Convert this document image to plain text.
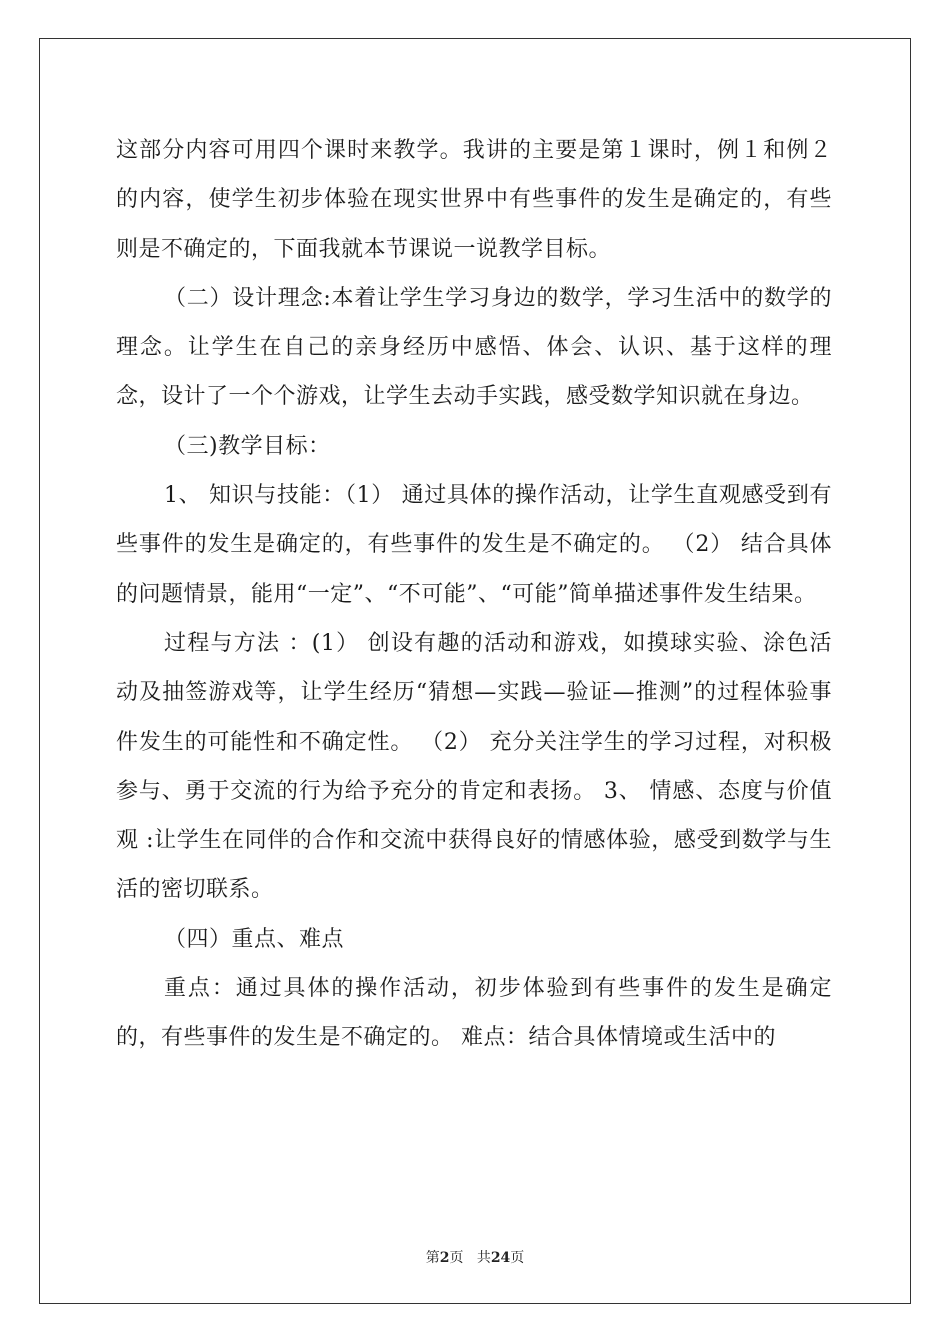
这部分内容可用四个课时来教学。我讲的主要是第１课时，例１和例２的内容，使学生初步体验在现实世界中有些事件的发生是确定的，有些则是不确定的，下面我就本节课说一说教学目标。

（二）设计理念:本着让学生学习身边的数学，学习生活中的数学的理念。让学生在自己的亲身经历中感悟、体会、认识、基于这样的理念，设计了一个个游戏，让学生去动手实践，感受数学知识就在身边。

（三)教学目标：

1、 知识与技能：（1） 通过具体的操作活动，让学生直观感受到有些事件的发生是确定的，有些事件的发生是不确定的。 （2） 结合具体的问题情景，能用“一定”、“不可能”、“可能”简单描述事件发生结果。

过程与方法 ：(1） 创设有趣的活动和游戏，如摸球实验、涂色活动及抽签游戏等，让学生经历“猜想—实践—验证—推测”的过程体验事件发生的可能性和不确定性。 （2） 充分关注学生的学习过程，对积极参与、勇于交流的行为给予充分的肯定和表扬。 3、 情感、态度与价值观 :让学生在同伴的合作和交流中获得良好的情感体验，感受到数学与生活的密切联系。

（四）重点、难点

重点：通过具体的操作活动，初步体验到有些事件的发生是确定的，有些事件的发生是不确定的。 难点：结合具体情境或生活中的

第2页 共24页
